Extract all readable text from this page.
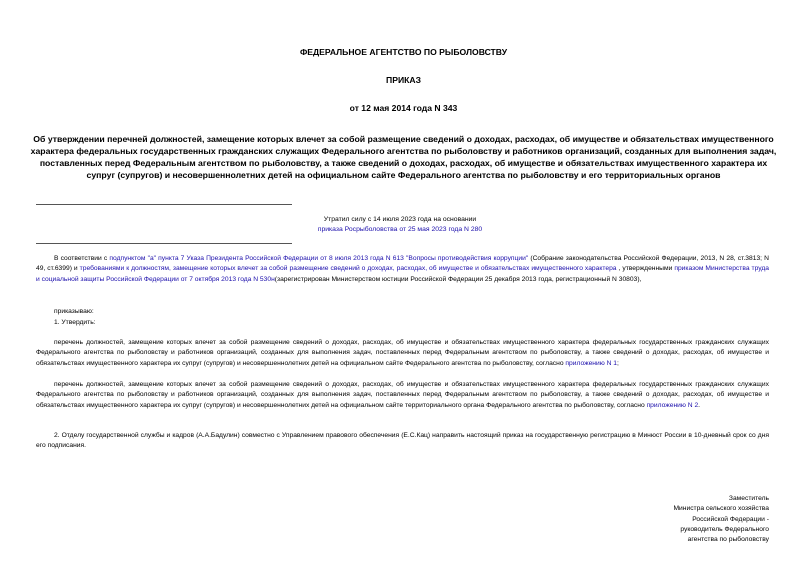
ФЕДЕРАЛЬНОЕ АГЕНТСТВО ПО РЫБОЛОВСТВУ
ПРИКАЗ
от 12 мая 2014 года N 343
Об утверждении перечней должностей, замещение которых влечет за собой размещение сведений о доходах, расходах, об имуществе и обязательствах имущественного характера федеральных государственных гражданских служащих Федерального агентства по рыболовству и работников организаций, созданных для выполнения задач, поставленных перед Федеральным агентством по рыболовству, а также сведений о доходах, расходах, об имуществе и обязательствах имущественного характера их супруг (супругов) и несовершеннолетних детей на официальном сайте Федерального агентства по рыболовству и его территориальных органов
Утратил силу с 14 июля 2023 года на основании
приказа Росрыболовства от 25 мая 2023 года N 280

В соответствии с подпунктом "а" пункта 7 Указа Президента Российской Федерации от 8 июля 2013 года N 613 "Вопросы противодействия коррупции" (Собрание законодательства Российской Федерации, 2013, N 28, ст.3813; N 49, ст.6399) и требованиями к должностям, замещение которых влечет за собой размещение сведений о доходах, расходах, об имуществе и обязательствах имущественного характера , утвержденными приказом Министерства труда и социальной защиты Российской Федерации от 7 октября 2013 года N 530н(зарегистрирован Министерством юстиции Российской Федерации 25 декабря 2013 года, регистрационный N 30803),

приказываю:

1. Утвердить:

перечень должностей, замещение которых влечет за собой размещение сведений о доходах, расходах, об имуществе и обязательствах имущественного характера федеральных государственных гражданских служащих Федерального агентства по рыболовству и работников организаций, созданных для выполнения задач, поставленных перед Федеральным агентством по рыболовству, а также сведений о доходах, расходах, об имуществе и обязательствах имущественного характера их супруг (супругов) и несовершеннолетних детей на официальном сайте Федерального агентства по рыболовству, согласно приложению N 1;

перечень должностей, замещение которых влечет за собой размещение сведений о доходах, расходах, об имуществе и обязательствах имущественного характера федеральных государственных гражданских служащих Федерального агентства по рыболовству и работников организаций, созданных для выполнения задач, поставленных перед Федеральным агентством по рыболовству, а также сведений о доходах, расходах, об имуществе и обязательствах имущественного характера их супруг (супругов) и несовершеннолетних детей на официальном сайте территориального органа Федерального агентства по рыболовству, согласно приложению N 2.

2. Отделу государственной службы и кадров (А.А.Бадулин) совместно с Управлением правового обеспечения (Е.С.Кац) направить настоящий приказ на государственную регистрацию в Минюст России в 10-дневный срок со дня его подписания.

Заместитель
Министра сельского хозяйства
Российской Федерации -
руководитель Федерального
агентства по рыболовству
